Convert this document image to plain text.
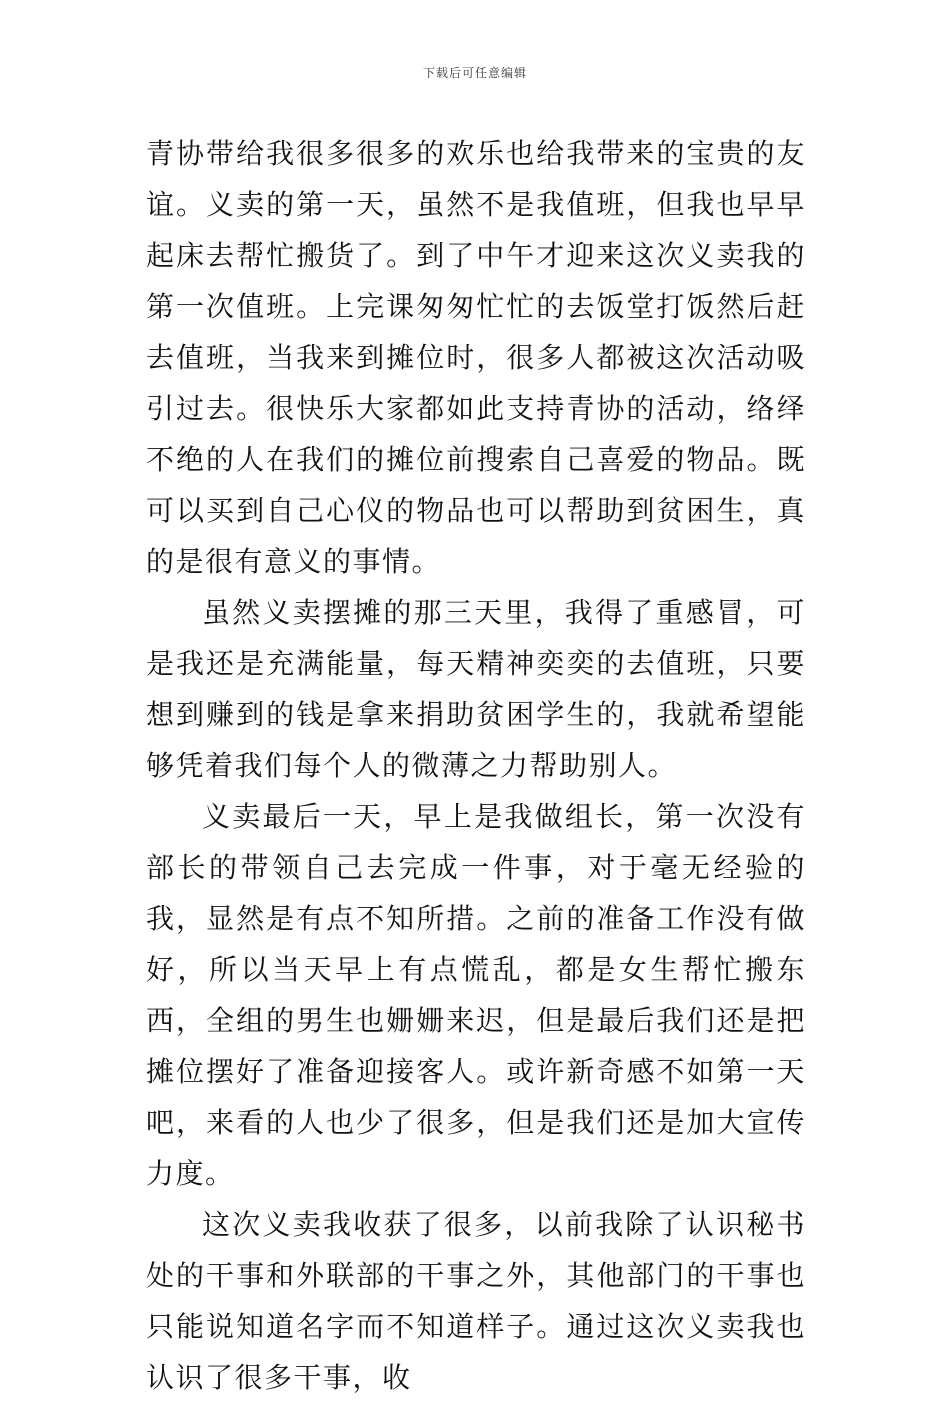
下载后可任意编辑

青协带给我很多很多的欢乐也给我带来的宝贵的友谊。义卖的第一天，虽然不是我值班，但我也早早起床去帮忙搬货了。到了中午才迎来这次义卖我的第一次值班。上完课匆匆忙忙的去饭堂打饭然后赶去值班，当我来到摊位时，很多人都被这次活动吸引过去。很快乐大家都如此支持青协的活动，络绎不绝的人在我们的摊位前搜索自己喜爱的物品。既可以买到自己心仪的物品也可以帮助到贫困生，真的是很有意义的事情。

虽然义卖摆摊的那三天里，我得了重感冒，可是我还是充满能量，每天精神奕奕的去值班，只要想到赚到的钱是拿来捐助贫困学生的，我就希望能够凭着我们每个人的微薄之力帮助别人。

义卖最后一天，早上是我做组长，第一次没有部长的带领自己去完成一件事，对于毫无经验的我，显然是有点不知所措。之前的准备工作没有做好，所以当天早上有点慌乱，都是女生帮忙搬东西，全组的男生也姗姗来迟，但是最后我们还是把摊位摆好了准备迎接客人。或许新奇感不如第一天吧，来看的人也少了很多，但是我们还是加大宣传力度。

这次义卖我收获了很多，以前我除了认识秘书处的干事和外联部的干事之外，其他部门的干事也只能说知道名字而不知道样子。通过这次义卖我也认识了很多干事，收
